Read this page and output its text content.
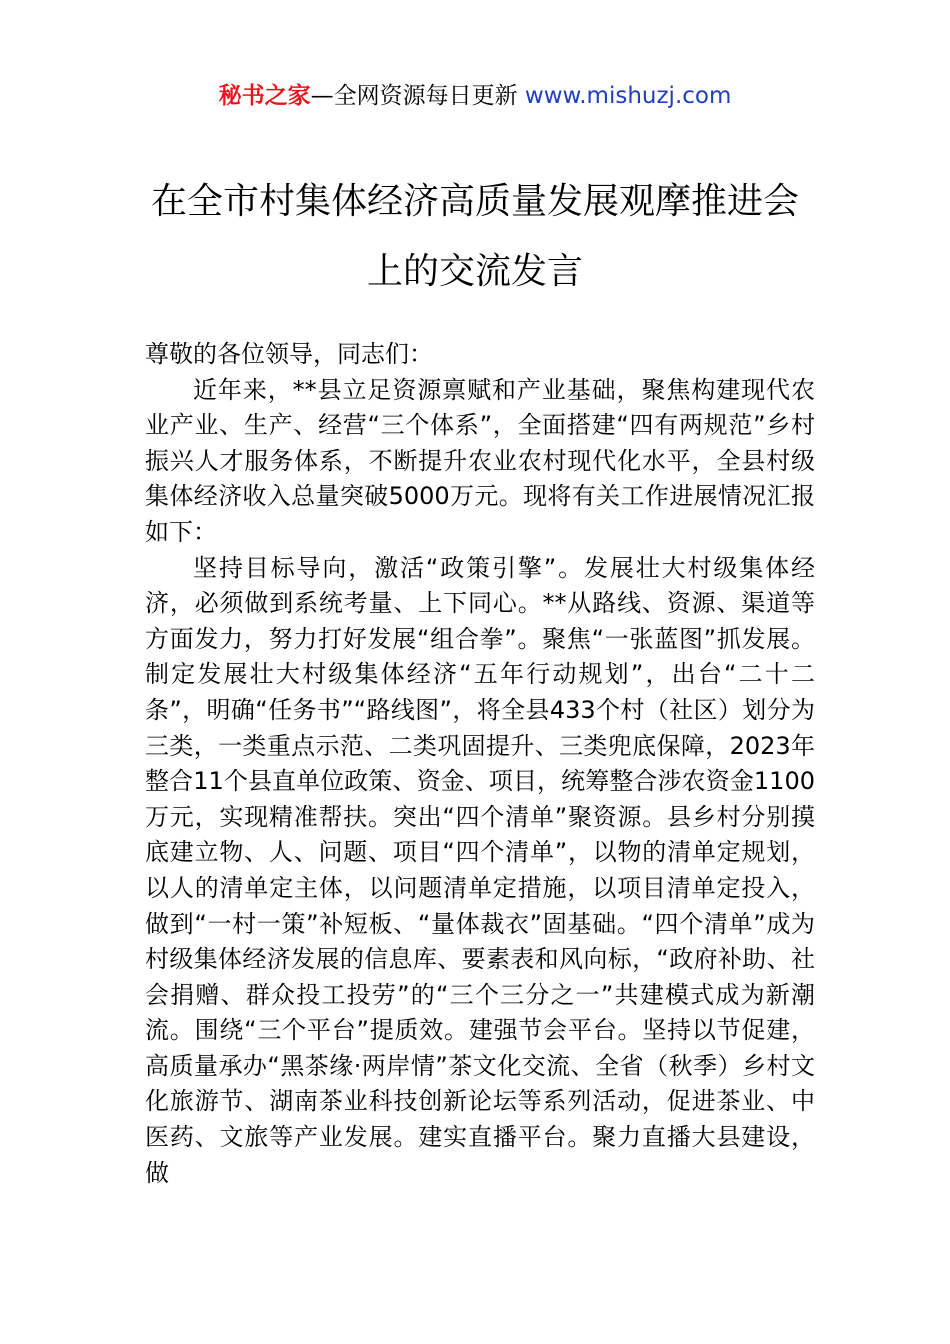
秘书之家—全网资源每日更新 www.mishuzj.com
在全市村集体经济高质量发展观摩推进会
上的交流发言

尊敬的各位领导，同志们：

近年来，**县立足资源禀赋和产业基础，聚焦构建现代农业产业、生产、经营“三个体系”，全面搭建“四有两规范”乡村振兴人才服务体系，不断提升农业农村现代化水平，全县村级集体经济收入总量突破5000万元。现将有关工作进展情况汇报如下：

坚持目标导向，激活“政策引擎”。发展壮大村级集体经济，必须做到系统考量、上下同心。**从路线、资源、渠道等方面发力，努力打好发展“组合拳”。聚焦“一张蓝图”抓发展。制定发展壮大村级集体经济“五年行动规划”，出台“二十二条”，明确“任务书”“路线图”，将全县433个村（社区）划分为三类，一类重点示范、二类巩固提升、三类兜底保障，2023年整合11个县直单位政策、资金、项目，统筹整合涉农资金1100万元，实现精准帮扶。突出“四个清单”聚资源。县乡村分别摸底建立物、人、问题、项目“四个清单”，以物的清单定规划，以人的清单定主体，以问题清单定措施，以项目清单定投入，做到“一村一策”补短板、“量体裁衣”固基础。“四个清单”成为村级集体经济发展的信息库、要素表和风向标，“政府补助、社会捐赠、群众投工投劳”的“三个三分之一”共建模式成为新潮流。围绕“三个平台”提质效。建强节会平台。坚持以节促建，高质量承办“黑茶缘·两岸情”茶文化交流、全省（秋季）乡村文化旅游节、湖南茶业科技创新论坛等系列活动，促进茶业、中医药、文旅等产业发展。建实直播平台。聚力直播大县建设，做
